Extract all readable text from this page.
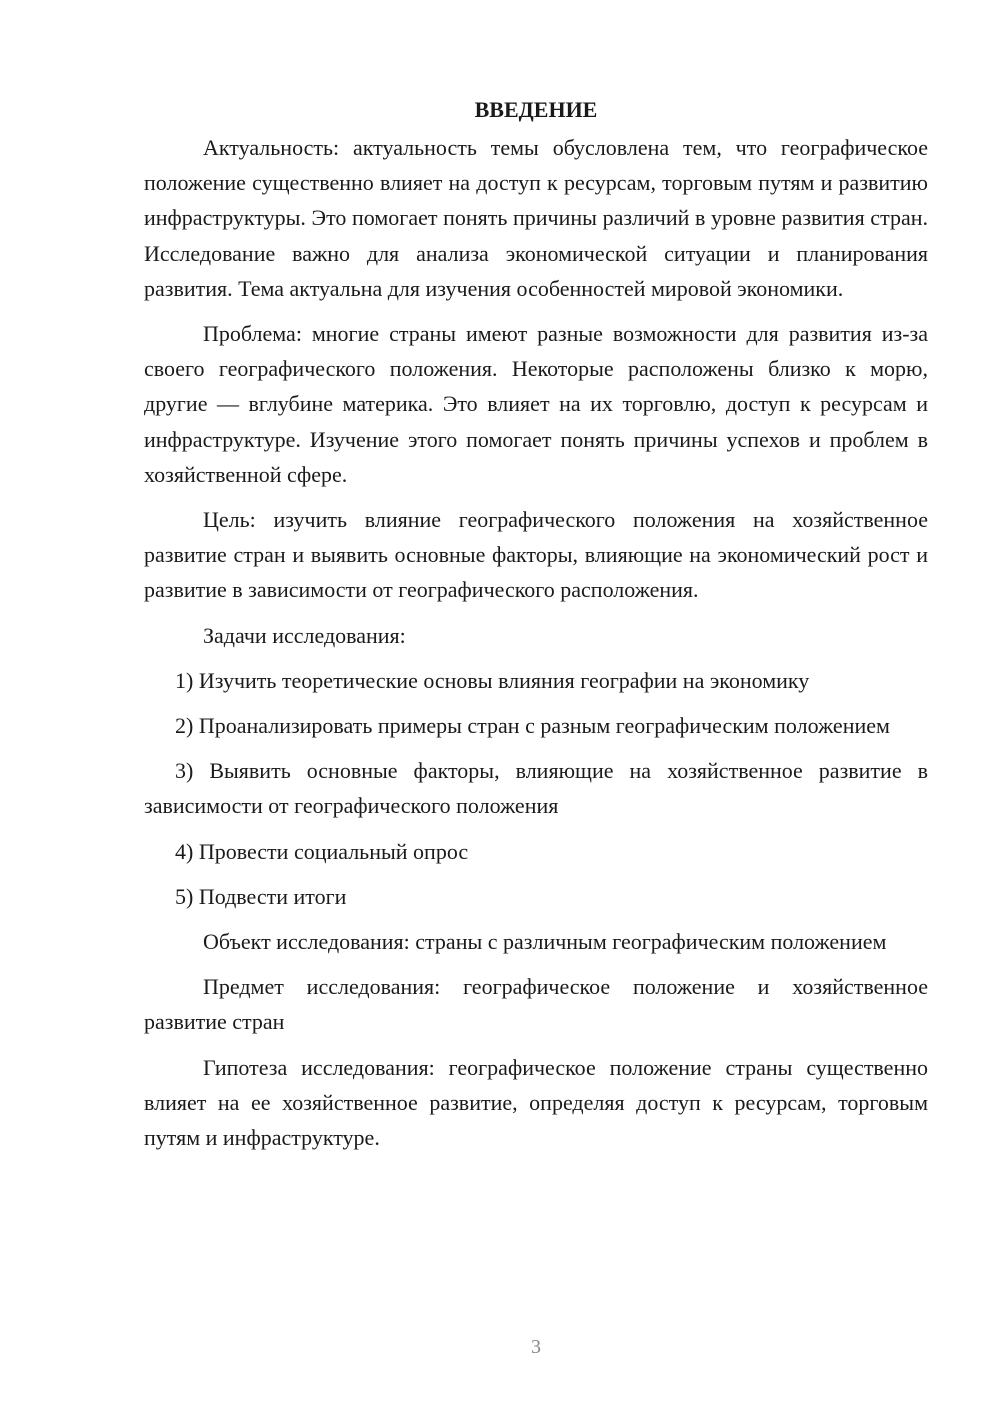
ВВЕДЕНИЕ

Актуальность: актуальность темы обусловлена тем, что географическое положение существенно влияет на доступ к ресурсам, торговым путям и развитию инфраструктуры. Это помогает понять причины различий в уровне развития стран. Исследование важно для анализа экономической ситуации и планирования развития. Тема актуальна для изучения особенностей мировой экономики.

Проблема: многие страны имеют разные возможности для развития из-за своего географического положения. Некоторые расположены близко к морю, другие — вглубине материка. Это влияет на их торговлю, доступ к ресурсам и инфраструктуре. Изучение этого помогает понять причины успехов и проблем в хозяйственной сфере.

Цель: изучить влияние географического положения на хозяйственное развитие стран и выявить основные факторы, влияющие на экономический рост и развитие в зависимости от географического расположения.

Задачи исследования:

1) Изучить теоретические основы влияния географии на экономику

2) Проанализировать примеры стран с разным географическим положением

3) Выявить основные факторы, влияющие на хозяйственное развитие в зависимости от географического положения

4) Провести социальный опрос

5) Подвести итоги

Объект исследования: страны с различным географическим положением

Предмет исследования: географическое положение и хозяйственное развитие стран

Гипотеза исследования: географическое положение страны существенно влияет на ее хозяйственное развитие, определяя доступ к ресурсам, торговым путям и инфраструктуре.

3
